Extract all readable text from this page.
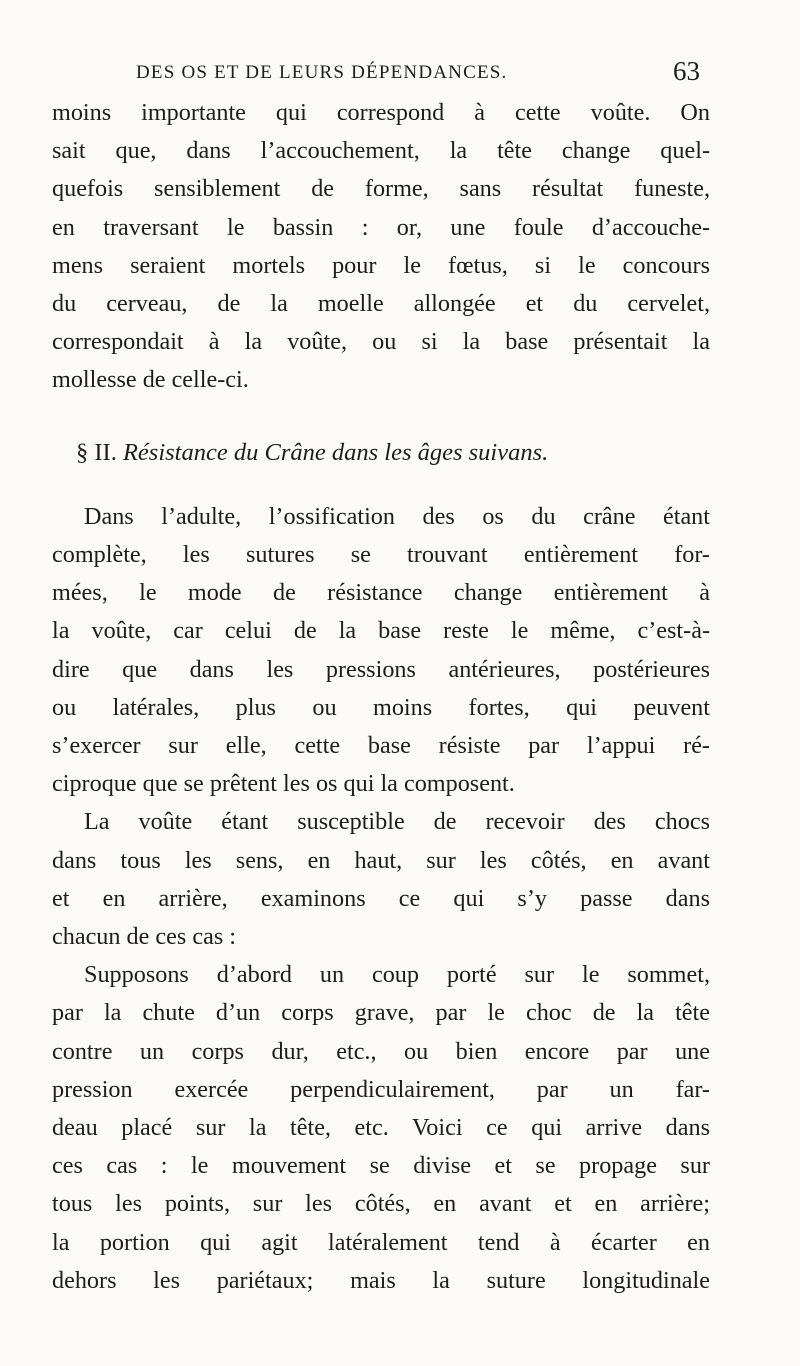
DES OS ET DE LEURS DÉPENDANCES.	63
moins importante qui correspond à cette voûte. On
sait que, dans l’accouchement, la tête change quel-
quefois sensiblement de forme, sans résultat funeste,
en traversant le bassin : or, une foule d’accouche-
mens seraient mortels pour le fœtus, si le concours
du cerveau, de la moelle allongée et du cervelet,
correspondait à la voûte, ou si la base présentait la
mollesse de celle-ci.
§ II. Résistance du Crâne dans les âges suivans.
Dans l’adulte, l’ossification des os du crâne étant
complète, les sutures se trouvant entièrement for-
mées, le mode de résistance change entièrement à
la voûte, car celui de la base reste le même, c’est-à-
dire que dans les pressions antérieures, postérieures
ou latérales, plus ou moins fortes, qui peuvent
s’exercer sur elle, cette base résiste par l’appui ré-
ciproque que se prêtent les os qui la composent.
La voûte étant susceptible de recevoir des chocs
dans tous les sens, en haut, sur les côtés, en avant
et en arrière, examinons ce qui s’y passe dans
chacun de ces cas :
Supposons d’abord un coup porté sur le sommet,
par la chute d’un corps grave, par le choc de la tête
contre un corps dur, etc., ou bien encore par une
pression exercée perpendiculairement, par un far-
deau placé sur la tête, etc. Voici ce qui arrive dans
ces cas : le mouvement se divise et se propage sur
tous les points, sur les côtés, en avant et en arrière;
la portion qui agit latéralement tend à écarter en
dehors les pariétaux; mais la suture longitudinale
